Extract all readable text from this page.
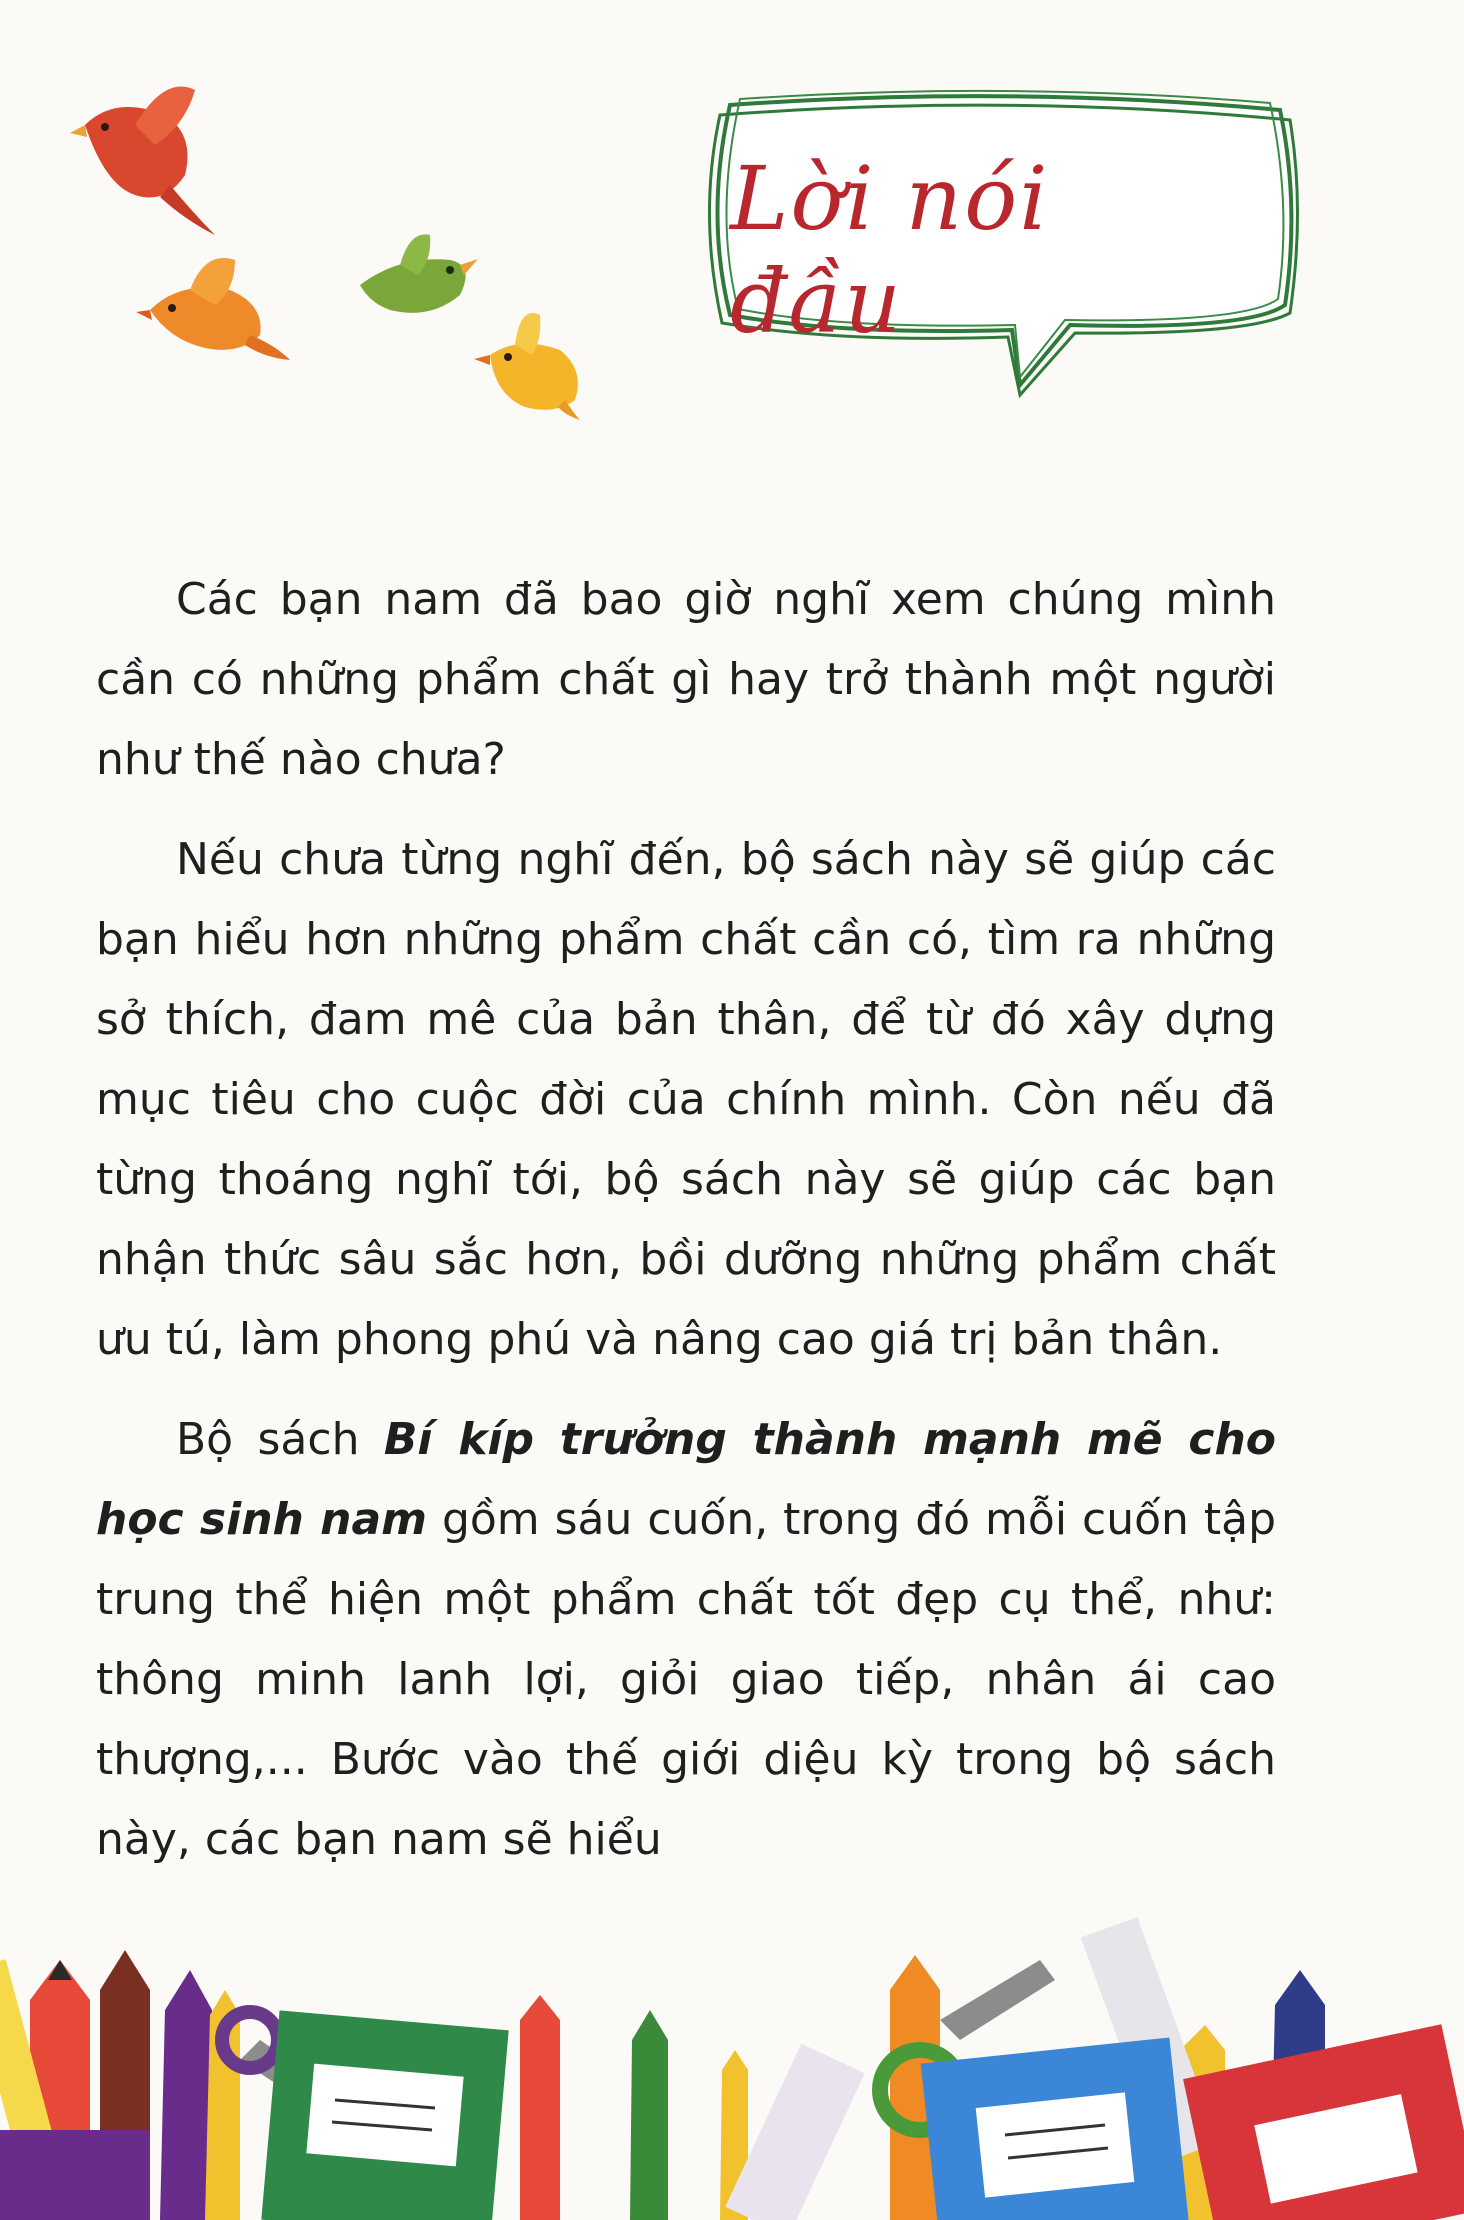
Lời nói đầu

Các bạn nam đã bao giờ nghĩ xem chúng mình cần có những phẩm chất gì hay trở thành một người như thế nào chưa?

Nếu chưa từng nghĩ đến, bộ sách này sẽ giúp các bạn hiểu hơn những phẩm chất cần có, tìm ra những sở thích, đam mê của bản thân, để từ đó xây dựng mục tiêu cho cuộc đời của chính mình. Còn nếu đã từng thoáng nghĩ tới, bộ sách này sẽ giúp các bạn nhận thức sâu sắc hơn, bồi dưỡng những phẩm chất ưu tú, làm phong phú và nâng cao giá trị bản thân.

Bộ sách Bí kíp trưởng thành mạnh mẽ cho học sinh nam gồm sáu cuốn, trong đó mỗi cuốn tập trung thể hiện một phẩm chất tốt đẹp cụ thể, như: thông minh lanh lợi, giỏi giao tiếp, nhân ái cao thượng,... Bước vào thế giới diệu kỳ trong bộ sách này, các bạn nam sẽ hiểu
